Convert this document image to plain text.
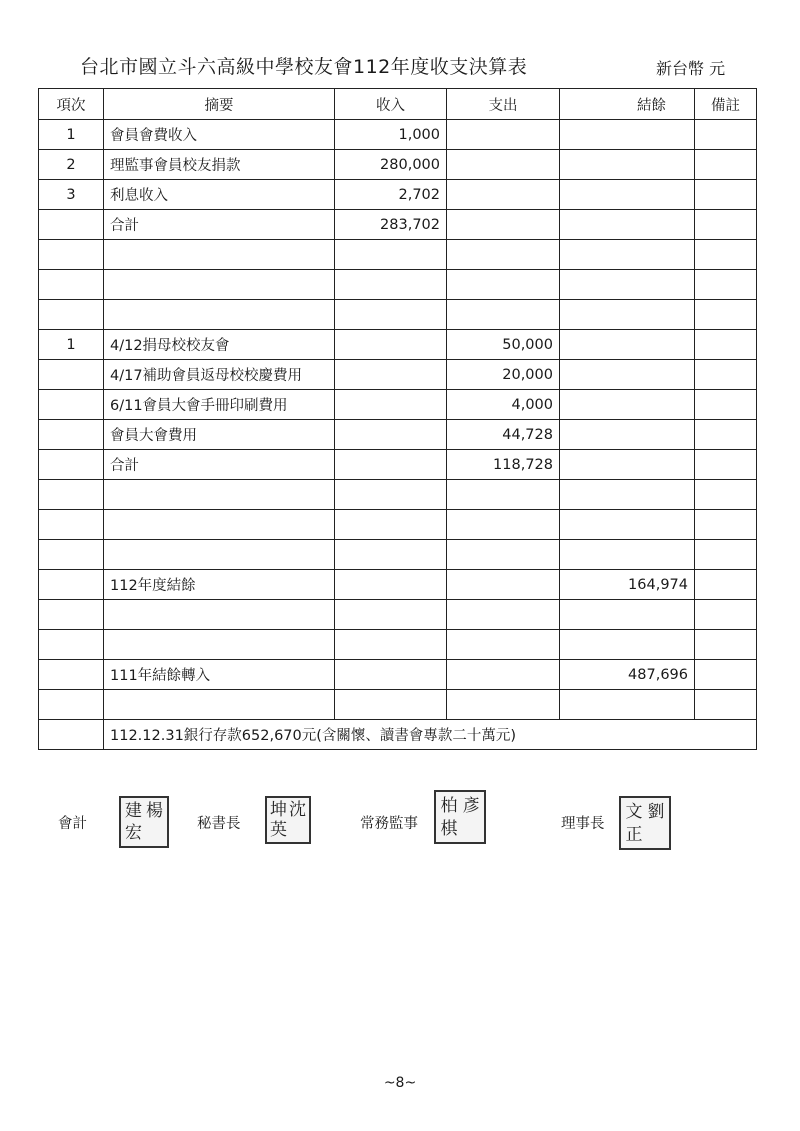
台北市國立斗六高級中學校友會112年度收支決算表	新台幣 元
項次	摘要	收入	支出	結餘	備註
1	會員會費收入	1,000			
2	理監事會員校友捐款	280,000			
3	利息收入	2,702			
	合計	283,702			

1	4/12捐母校校友會		50,000		
	4/17補助會員返母校校慶費用		20,000		
	6/11會員大會手冊印刷費用		4,000		
	會員大會費用		44,728		
	合計		118,728		

	112年度結餘			164,974	

	111年結餘轉入			487,696	

	112.12.31銀行存款652,670元(含關懷、讀書會專款二十萬元)				
會計
建 楊
宏	秘書長
坤 沈
英	常務監事
柏 彥
棋	理事長
文 劉
正
~8~
